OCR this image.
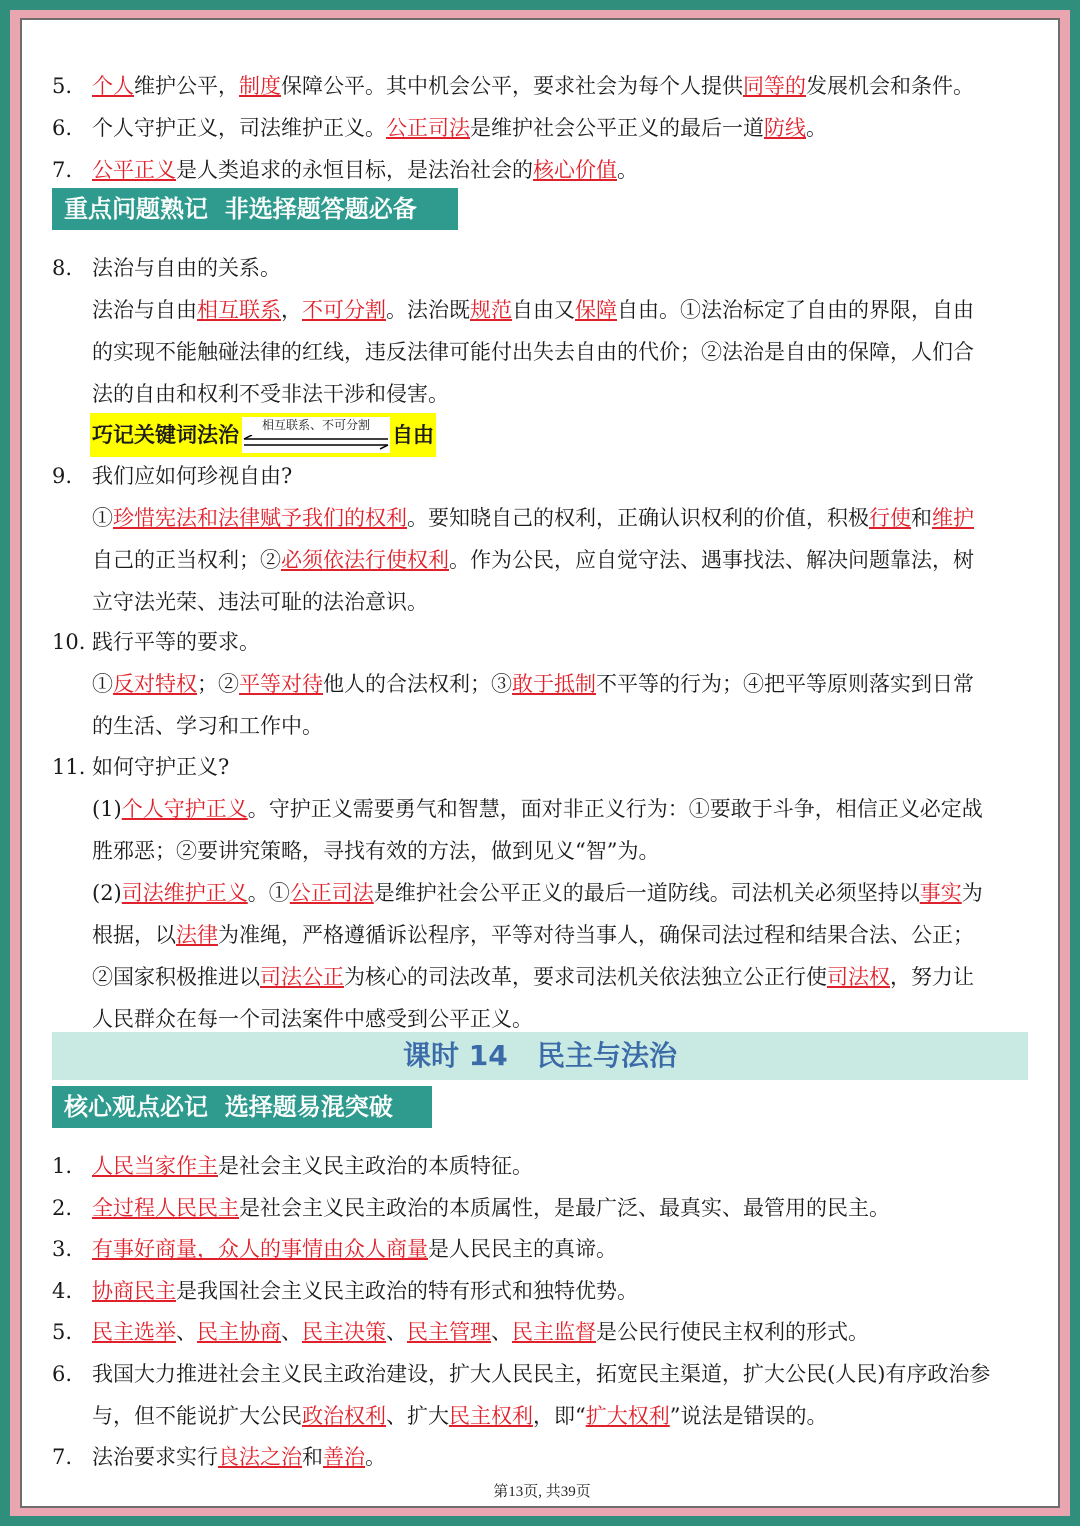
重点问题熟记  非选择题答题必备
巧记关键词法治	相互联系、不可分割	自由
课时 14   民主与法治
核心观点必记  选择题易混突破
第13页, 共39页
5. 个人维护公平，制度保障公平。其中机会公平，要求社会为每个人提供同等的发展机会和条件。
6. 个人守护正义，司法维护正义。公正司法是维护社会公平正义的最后一道防线。
7. 公平正义是人类追求的永恒目标，是法治社会的核心价值。
8. 法治与自由的关系。
法治与自由相互联系，不可分割。法治既规范自由又保障自由。①法治标定了自由的界限，自由
的实现不能触碰法律的红线，违反法律可能付出失去自由的代价；②法治是自由的保障，人们合
法的自由和权利不受非法干涉和侵害。
9. 我们应如何珍视自由?
①珍惜宪法和法律赋予我们的权利。要知晓自己的权利，正确认识权利的价值，积极行使和维护
自己的正当权利；②必须依法行使权利。作为公民，应自觉守法、遇事找法、解决问题靠法，树
立守法光荣、违法可耻的法治意识。
10. 践行平等的要求。
①反对特权；②平等对待他人的合法权利；③敢于抵制不平等的行为；④把平等原则落实到日常
的生活、学习和工作中。
11. 如何守护正义?
(1)个人守护正义。守护正义需要勇气和智慧，面对非正义行为：①要敢于斗争，相信正义必定战
胜邪恶；②要讲究策略，寻找有效的方法，做到见义“智”为。
(2)司法维护正义。①公正司法是维护社会公平正义的最后一道防线。司法机关必须坚持以事实为
根据，以法律为准绳，严格遵循诉讼程序，平等对待当事人，确保司法过程和结果合法、公正；
②国家积极推进以司法公正为核心的司法改革，要求司法机关依法独立公正行使司法权，努力让
人民群众在每一个司法案件中感受到公平正义。
1. 人民当家作主是社会主义民主政治的本质特征。
2. 全过程人民民主是社会主义民主政治的本质属性，是最广泛、最真实、最管用的民主。
3. 有事好商量，众人的事情由众人商量是人民民主的真谛。
4. 协商民主是我国社会主义民主政治的特有形式和独特优势。
5. 民主选举、民主协商、民主决策、民主管理、民主监督是公民行使民主权利的形式。
6. 我国大力推进社会主义民主政治建设，扩大人民民主，拓宽民主渠道，扩大公民(人民)有序政治参
与，但不能说扩大公民政治权利、扩大民主权利，即“扩大权利”说法是错误的。
7. 法治要求实行良法之治和善治。
